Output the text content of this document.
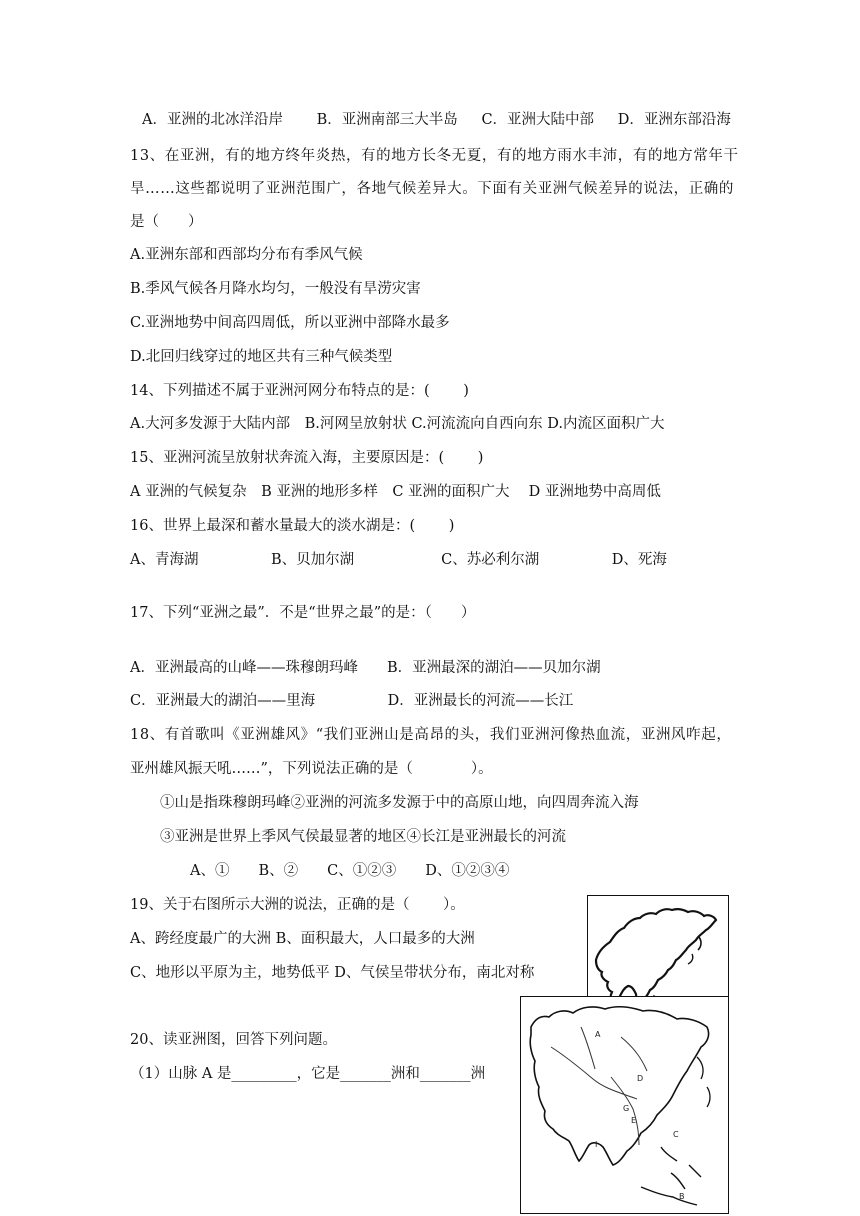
A．亚洲的北冰洋沿岸 　　B．亚洲南部三大半岛 　 C．亚洲大陆中部 　 D．亚洲东部沿海
13、在亚洲，有的地方终年炎热，有的地方长冬无夏，有的地方雨水丰沛，有的地方常年干
旱……这些都说明了亚洲范围广，各地气候差异大。下面有关亚洲气候差异的说法，正确的
是（　　）
A.亚洲东部和西部均分布有季风气候
B.季风气候各月降水均匀，一般没有旱涝灾害
C.亚洲地势中间高四周低，所以亚洲中部降水最多
D.北回归线穿过的地区共有三种气候类型
14、下列描述不属于亚洲河网分布特点的是：(　　 )
A.大河多发源于大陆内部　B.河网呈放射状 C.河流流向自西向东 D.内流区面积广大
15、亚洲河流呈放射状奔流入海，主要原因是：(　　 )
A 亚洲的气候复杂　B 亚洲的地形多样　C 亚洲的面积广大　 D 亚洲地势中高周低
16、世界上最深和蓄水量最大的淡水湖是：(　　 )
A、青海湖　　　　　B、贝加尔湖　　　　　　C、苏必利尔湖　　　　　D、死海
17、下列“亚洲之最”．不是“世界之最”的是：（　　）
A．亚洲最高的山峰——珠穆朗玛峰　　B．亚洲最深的湖泊——贝加尔湖
C．亚洲最大的湖泊——里海　　　　　D．亚洲最长的河流——长江
18、有首歌叫《亚洲雄风》“我们亚洲山是高昂的头，我们亚洲河像热血流，亚洲风咋起，
亚州雄风振天吼……”，下列说法正确的是（　　　　）。
①山是指珠穆朗玛峰②亚洲的河流多发源于中的高原山地，向四周奔流入海
③亚洲是世界上季风气侯最显著的地区④长江是亚洲最长的河流
A、①　　B、②　　C、①②③　　D、①②③④
19、关于右图所示大洲的说法，正确的是（　　 ）。
A、跨经度最广的大洲 B、面积最大，人口最多的大洲
C、地形以平原为主，地势低平 D、气侯呈带状分布，南北对称
20、读亚洲图，回答下列问题。
（1）山脉 A 是_________，它是_______洲和_______洲
A
D
G
E
C
I
B
